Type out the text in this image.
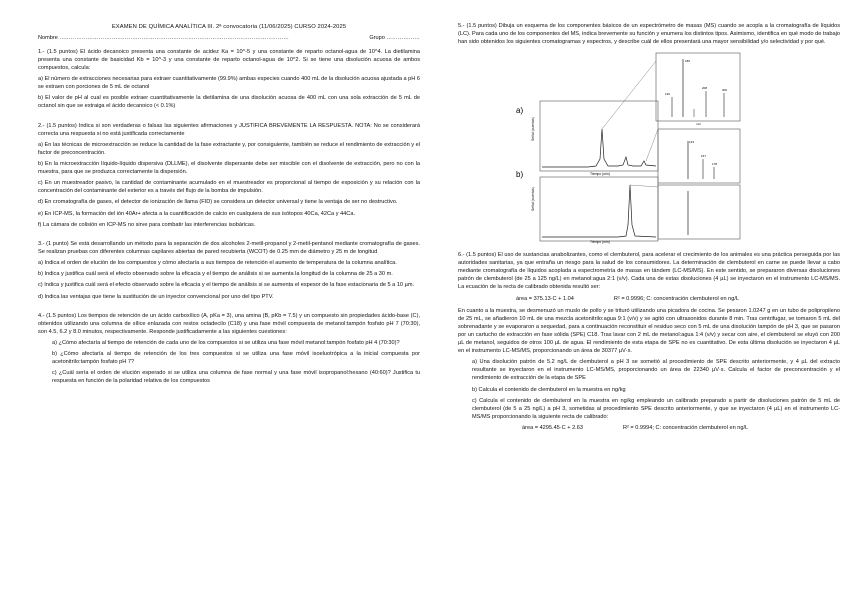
EXAMEN DE QUÍMICA ANALÍTICA III. 2ª convocatoria (11/06/2025) CURSO 2024-2025
Nombre ……………………………………………………………………………………………………………	Grupo ………………

1.- (1.5 puntos) El ácido decanoico presenta una constante de acidez Ka = 10^-5 y una constante de reparto octanol-agua de 10^4. La dietilamina presenta una constante de basicidad Kb = 10^-3 y una constante de reparto octanol-agua de 10^2. Si se tiene una disolución acuosa de ambos compuestos, calcula:

a) El número de extracciones necesarias para extraer cuantitativamente (99.9%) ambas especies cuando 400 mL de la disolución acuosa ajustada a pH 6 se extraen con porciones de 5 mL de octanol

b) El valor de pH al cual es posible extraer cuantitativamente la dietilamina de una disolución acuosa de 400 mL con una sola extracción de 5 mL de octanol sin que se extraiga el ácido decanoico (< 0.1%)

2.- (1.5 puntos) Indica si son verdaderas o falsas las siguientes afirmaciones y JUSTIFICA BREVEMENTE LA RESPUESTA. NOTA: No se considerará correcta una respuesta si no está justificada correctamente

a) En las técnicas de microextracción se reduce la cantidad de la fase extractante y, por consiguiente, también se reduce el rendimiento de extracción y el factor de preconcentración.

b) En la microextracción líquido-líquido dispersiva (DLLME), el disolvente dispersante debe ser miscible con el disolvente de extracción, pero no con la muestra, para que se produzca correctamente la dispersión.

c) En un muestreador pasivo, la cantidad de contaminante acumulado en el muestreador es proporcional al tiempo de exposición y su relación con la concentración del contaminante del exterior es a través del flujo de la bomba de impulsión.

d) En cromatografía de gases, el detector de ionización de llama (FID) se considera un detector universal y tiene la ventaja de ser no destructivo.

e) En ICP-MS, la formación del ión 40Ar+ afecta a la cuantificación de calcio en cualquiera de sus isótopos 40Ca, 42Ca y 44Ca.

f) La cámara de colisión en ICP-MS no sirve para combatir las interferencias isobáricas.

3.- (1 punto) Se está desarrollando un método para la separación de dos alcoholes 2-metil-propanol y 2-metil-pentanol mediante cromatografía de gases. Se realizan pruebas con diferentes columnas capilares abiertas de pared recubierta (WCOT) de 0.25 mm de diámetro y 25 m de longitud

a) Indica el orden de elución de los compuestos y cómo afectaría a sus tiempos de retención el aumento de temperatura de la columna analítica.

b) Indica y justifica cuál será el efecto observado sobre la eficacia y el tiempo de análisis si se aumenta la longitud de la columna de 25 a 30 m.

c) Indica y justifica cuál será el efecto observado sobre la eficacia y el tiempo de análisis si se aumenta el espesor de la fase estacionaria de 5 a 10 µm.

d) Indica las ventajas que tiene la sustitución de un inyector convencional por uno del tipo PTV.

4.- (1.5 puntos) Los tiempos de retención de un ácido carboxílico (A, pKa = 3), una amina (B, pKb = 7.5) y un compuesto sin propiedades ácido-base (C), obtenidos utilizando una columna de sílice enlazada con restos octadecilo (C18) y una fase móvil compuesta de metanol:tampón fosfato pH 7 (70:30), son 4.5, 6.2 y 8.0 minutos, respectivamente. Responde justificadamente a las siguientes cuestiones:

a) ¿Cómo afectaría al tiempo de retención de cada uno de los compuestos si se utiliza una fase móvil metanol:tampón fosfato pH 4 (70:30)?

b) ¿Cómo afectaría al tiempo de retención de los tres compuestos si se utiliza una fase móvil isoeluotrópica a la inicial compuesta por acetonitrilo:tampón fosfato pH 7?

c) ¿Cuál sería el orden de elución esperado si se utiliza una columna de fase normal y una fase móvil isopropanol:hexano (40:60)? Justifica tu respuesta en función de la polaridad relativa de los compuestos

5.- (1.5 puntos) Dibuja un esquema de los componentes básicos de un espectrómetro de masas (MS) cuando se acopla a la cromatografía de líquidos (LC). Para cada uno de los componentes del MS, indica brevemente su función y enumera los distintos tipos. Asimismo, identifica en qué modo de trabajo han sido obtenidos los siguientes cromatogramas y espectros, y describe cuál de ellos presentará una mayor sensibilidad y/o selectividad y por qué.

a)
b)
Señal (cuentas)
Tiempo (min)
185
130
208	300
m/z
123
167
178
Señal (cuentas)
Tiempo (min)

6.- (1.5 puntos) El uso de sustancias anabolizantes, como el clembuterol, para acelerar el crecimiento de los animales es una práctica perseguida por las autoridades sanitarias, ya que entraña un riesgo para la salud de los consumidores. La determinación de clembuterol en carne se puede llevar a cabo mediante cromatografía de líquidos acoplada a espectrometría de masas en tándem (LC-MS/MS). En este sentido, se prepararon diversas disoluciones patrón de clembuterol (de 25 a 125 ng/L) en metanol:agua 2:1 (v/v). Cada una de estas disoluciones (4 µL) se inyectaron en el instrumento LC-MS/MS. La ecuación de la recta de calibrado obtenida resultó ser:

área = 375.13·C + 1.04	R² = 0.9996; C: concentración clembuterol en ng/L

En cuanto a la muestra, se desmenuzó un muslo de pollo y se trituró utilizando una picadora de cocina. Se pesaron 1.0247 g en un tubo de polipropileno de 25 mL, se añadieron 10 mL de una mezcla acetonitrilo:agua 9:1 (v/v) y se agitó con ultrasonidos durante 8 min. Tras centrifugar, se tomaron 5 mL del sobrenadante y se evaporaron a sequedad, para a continuación reconstituir el residuo seco con 5 mL de una disolución tampón de pH 3, que se pasaron por un cartucho de extracción en fase sólida (SPE) C18. Tras lavar con 2 mL de metanol:agua 1:4 (v/v) y secar con aire, el clembuterol se eluyó con 200 µL de metanol, seguidos de otros 100 µL de agua. El rendimiento de esta etapa de SPE no es cuantitativo. De esta última disolución se inyectaron 4 µL en el instrumento LC-MS/MS, proporcionando un área de 30377 µV·s.

a) Una disolución patrón de 5.2 ng/L de clembuterol a pH 3 se sometió al procedimiento de SPE descrito anteriormente, y 4 µL del extracto resultante se inyectaron en el instrumento LC-MS/MS, proporcionando un área de 22340 µV·s. Calcula el factor de preconcentración y el rendimiento de extracción de la etapa de SPE

b) Calcula el contenido de clembuterol en la muestra en ng/kg

c) Calcula el contenido de clembuterol en la muestra en ng/kg empleando un calibrado preparado a partir de disoluciones patrón de 5 mL de clembuterol (de 5 a 25 ng/L) a pH 3, sometidas al procedimiento SPE descrito anteriormente, y que se inyectaron (4 µL) en el instrumento LC-MS/MS proporcionando la siguiente recta de calibrado:

área = 4295.45·C + 2.63	R² = 0.9994; C: concentración clembuterol en ng/L
